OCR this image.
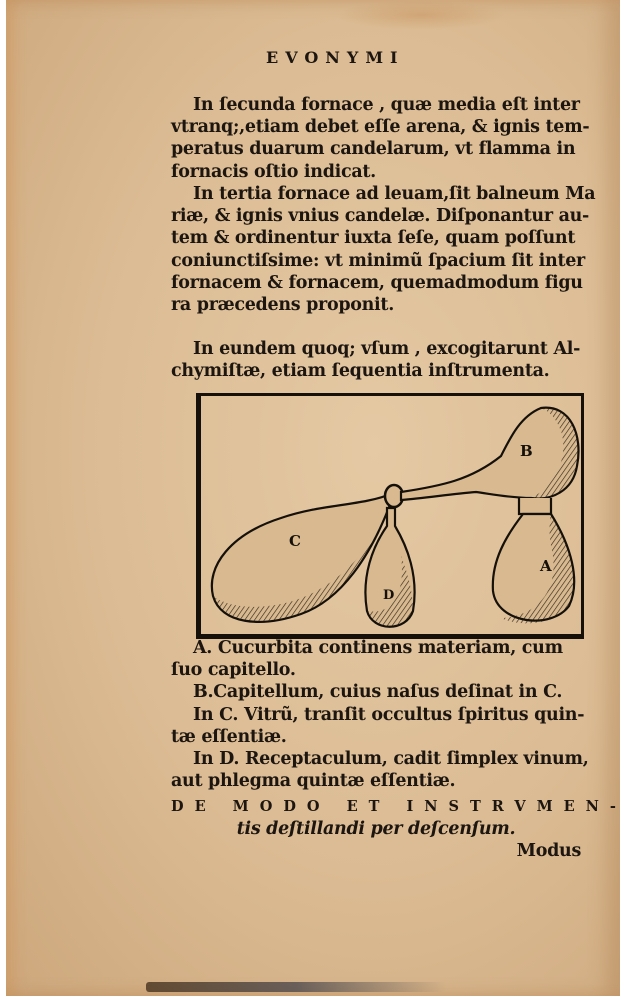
EVONYMI
In ſecunda fornace , quæ media eſt inter
vtranq;,etiam debet eſſe arena, & ignis tem-
peratus duarum candelarum, vt flamma in
fornacis oſtio indicat.
In tertia fornace ad leuam,ſit balneum Ma
riæ, & ignis vnius candelæ. Diſponantur au-
tem & ordinentur iuxta ſeſe, quam poſſunt
coniunctiſsime: vt minimũ ſpacium ſit inter
fornacem & fornacem, quemadmodum figu
ra præcedens proponit.
In eundem quoq; vſum , excogitarunt Al-
chymiſtæ, etiam ſequentia inſtrumenta.
C
B
A
D
A. Cucurbita continens materiam, cum
ſuo capitello.
B.Capitellum, cuius naſus deſinat in C.
In C. Vitrũ, tranſit occultus ſpiritus quin-
tæ eſſentiæ.
In D. Receptaculum, cadit ſimplex vinum,
aut phlegma quintæ eſſentiæ.
DE MODO ET INSTRVMEN-
tis deſtillandi per deſcenſum.
Modus
